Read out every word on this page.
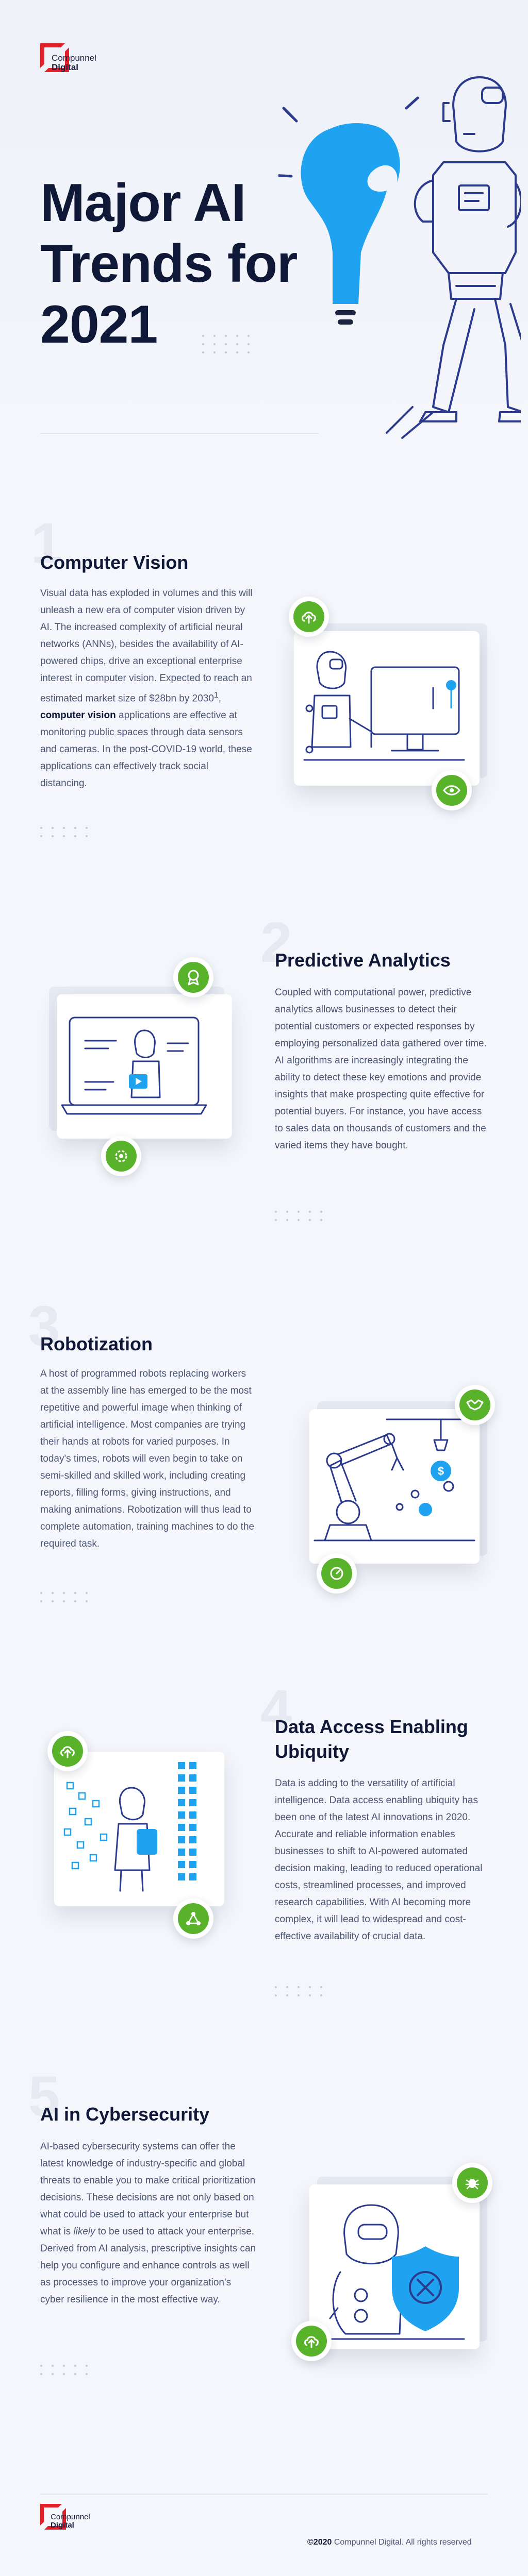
Compunnel
Digital
Major AI
Trends for
2021
1
Computer Vision

Visual data has exploded in volumes and this will unleash a new era of computer vision driven by AI. The increased complexity of artificial neural networks (ANNs), besides the availability of AI-powered chips, drive an exceptional enterprise interest in computer vision. Expected to reach an estimated market size of $28bn by 2030$^1$, computer vision applications are effective at monitoring public spaces through data sensors and cameras. In the post-COVID-19 world, these applications can effectively track social distancing.

2
Predictive Analytics

Coupled with computational power, predictive analytics allows businesses to detect their potential customers or expected responses by employing personalized data gathered over time. AI algorithms are increasingly integrating the ability to detect these key emotions and provide insights that make prospecting quite effective for potential buyers. For instance, you have access to sales data on thousands of customers and the varied items they have bought.

3
Robotization

A host of programmed robots replacing workers at the assembly line has emerged to be the most repetitive and powerful image when thinking of artificial intelligence. Most companies are trying their hands at robots for varied purposes. In today's times, robots will even begin to take on semi-skilled and skilled work, including creating reports, filling forms, giving instructions, and making animations. Robotization will thus lead to complete automation, training machines to do the required task.

$
4
Data Access Enabling
Ubiquity

Data is adding to the versatility of artificial intelligence. Data access enabling ubiquity has been one of the latest AI innovations in 2020. Accurate and reliable information enables businesses to shift to AI-powered automated decision making, leading to reduced operational costs, streamlined processes, and improved research capabilities. With AI becoming more complex, it will lead to widespread and cost-effective availability of crucial data.

5
AI in Cybersecurity

AI-based cybersecurity systems can offer the latest knowledge of industry-specific and global threats to enable you to make critical prioritization decisions. These decisions are not only based on what could be used to attack your enterprise but what is likely to be used to attack your enterprise. Derived from AI analysis, prescriptive insights can help you configure and enhance controls as well as processes to improve your organization's cyber resilience in the most effective way.

Compunnel
Digital
©2020 Compunnel Digital. All rights reserved
